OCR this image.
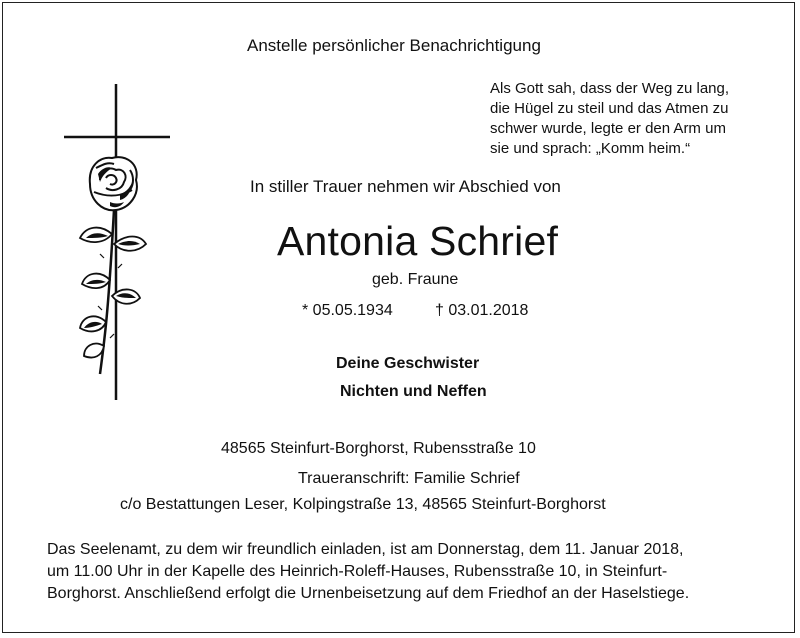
Anstelle persönlicher Benachrichtigung
Als Gott sah, dass der Weg zu lang,
die Hügel zu steil und das Atmen zu
schwer wurde, legte er den Arm um
sie und sprach: „Komm heim.“
In stiller Trauer nehmen wir Abschied von
Antonia Schrief
geb. Fraune
* 05.05.1934	† 03.01.2018
Deine Geschwister
Nichten und Neffen
48565 Steinfurt-Borghorst, Rubensstraße 10
Traueranschrift: Familie Schrief
c/o Bestattungen Leser, Kolpingstraße 13, 48565 Steinfurt-Borghorst
Das Seelenamt, zu dem wir freundlich einladen, ist am Donnerstag, dem 11. Januar 2018,
um 11.00 Uhr in der Kapelle des Heinrich-Roleff-Hauses, Rubensstraße 10, in Steinfurt-
Borghorst. Anschließend erfolgt die Urnenbeisetzung auf dem Friedhof an der Haselstiege.
